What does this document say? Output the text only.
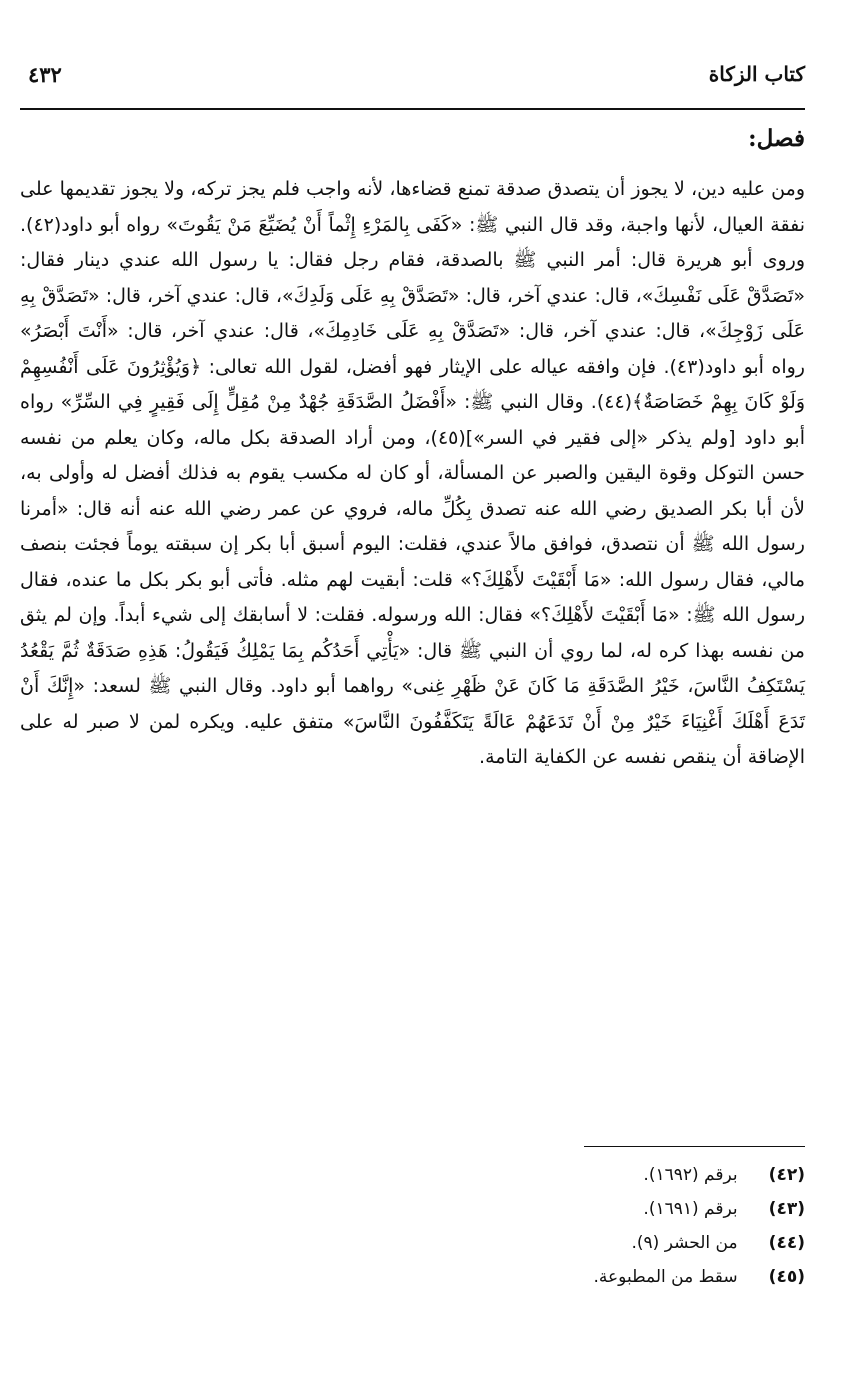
كتاب الزكاة
٤٣٢
فصل:

ومن عليه دين، لا يجوز أن يتصدق صدقة تمنع قضاءها، لأنه واجب فلم يجز تركه، ولا يجوز تقديمها على نفقة العيال، لأنها واجبة، وقد قال النبي ﷺ: «كَفَى بِالمَرْءِ إِثْماً أَنْ يُضَيِّعَ مَنْ يَقُوتَ» رواه أبو داود(٤٢). وروى أبو هريرة قال: أمر النبي ﷺ بالصدقة، فقام رجل فقال: يا رسول الله عندي دينار فقال: «تَصَدَّقْ عَلَى نَفْسِكَ»، قال: عندي آخر، قال: «تَصَدَّقْ بِهِ عَلَى وَلَدِكَ»، قال: عندي آخر، قال: «تَصَدَّقْ بِهِ عَلَى زَوْجِكَ»، قال: عندي آخر، قال: «تَصَدَّقْ بِهِ عَلَى خَادِمِكَ»، قال: عندي آخر، قال: «أَنْتَ أَبْصَرُ» رواه أبو داود(٤٣). فإن وافقه عياله على الإيثار فهو أفضل، لقول الله تعالى: ﴿وَيُؤْثِرُونَ عَلَى أَنْفُسِهِمْ وَلَوْ كَانَ بِهِمْ خَصَاصَةٌ﴾(٤٤). وقال النبي ﷺ: «أَفْضَلُ الصَّدَقَةِ جُهْدٌ مِنْ مُقِلٍّ إِلَى فَقِيرٍ فِي السِّرِّ» رواه أبو داود [ولم يذكر «إلى فقير في السر»](٤٥)، ومن أراد الصدقة بكل ماله، وكان يعلم من نفسه حسن التوكل وقوة اليقين والصبر عن المسألة، أو كان له مكسب يقوم به فذلك أفضل له وأولى به، لأن أبا بكر الصديق رضي الله عنه تصدق بِكُلِّ ماله، فروي عن عمر رضي الله عنه أنه قال: «أمرنا رسول الله ﷺ أن نتصدق، فوافق مالاً عندي، فقلت: اليوم أسبق أبا بكر إن سبقته يوماً فجئت بنصف مالي، فقال رسول الله: «مَا أَبْقَيْتَ لأَهْلِكَ؟» قلت: أبقيت لهم مثله. فأتى أبو بكر بكل ما عنده، فقال رسول الله ﷺ: «مَا أَبْقَيْتَ لأَهْلِكَ؟» فقال: الله ورسوله. فقلت: لا أسابقك إلى شيء أبداً. وإن لم يثق من نفسه بهذا كره له، لما روي أن النبي ﷺ قال: «يَأْتِي أَحَدُكُم بِمَا يَمْلِكُ فَيَقُولُ: هَذِهِ صَدَقَةٌ ثُمَّ يَقْعُدُ يَسْتَكِفُ النَّاسَ، خَيْرُ الصَّدَقَةِ مَا كَانَ عَنْ ظَهْرِ غِنى» رواهما أبو داود. وقال النبي ﷺ لسعد: «إِنَّكَ أَنْ تَدَعَ أَهْلَكَ أَغْنِيَاءَ خَيْرٌ مِنْ أَنْ تَدَعَهُمْ عَالَةً يَتَكَفَّفُونَ النَّاسَ» متفق عليه. ويكره لمن لا صبر له على الإضاقة أن ينقص نفسه عن الكفاية التامة.

(٤٢) برقم (١٦٩٢).
(٤٣) برقم (١٦٩١).
(٤٤) من الحشر (٩).
(٤٥) سقط من المطبوعة.
